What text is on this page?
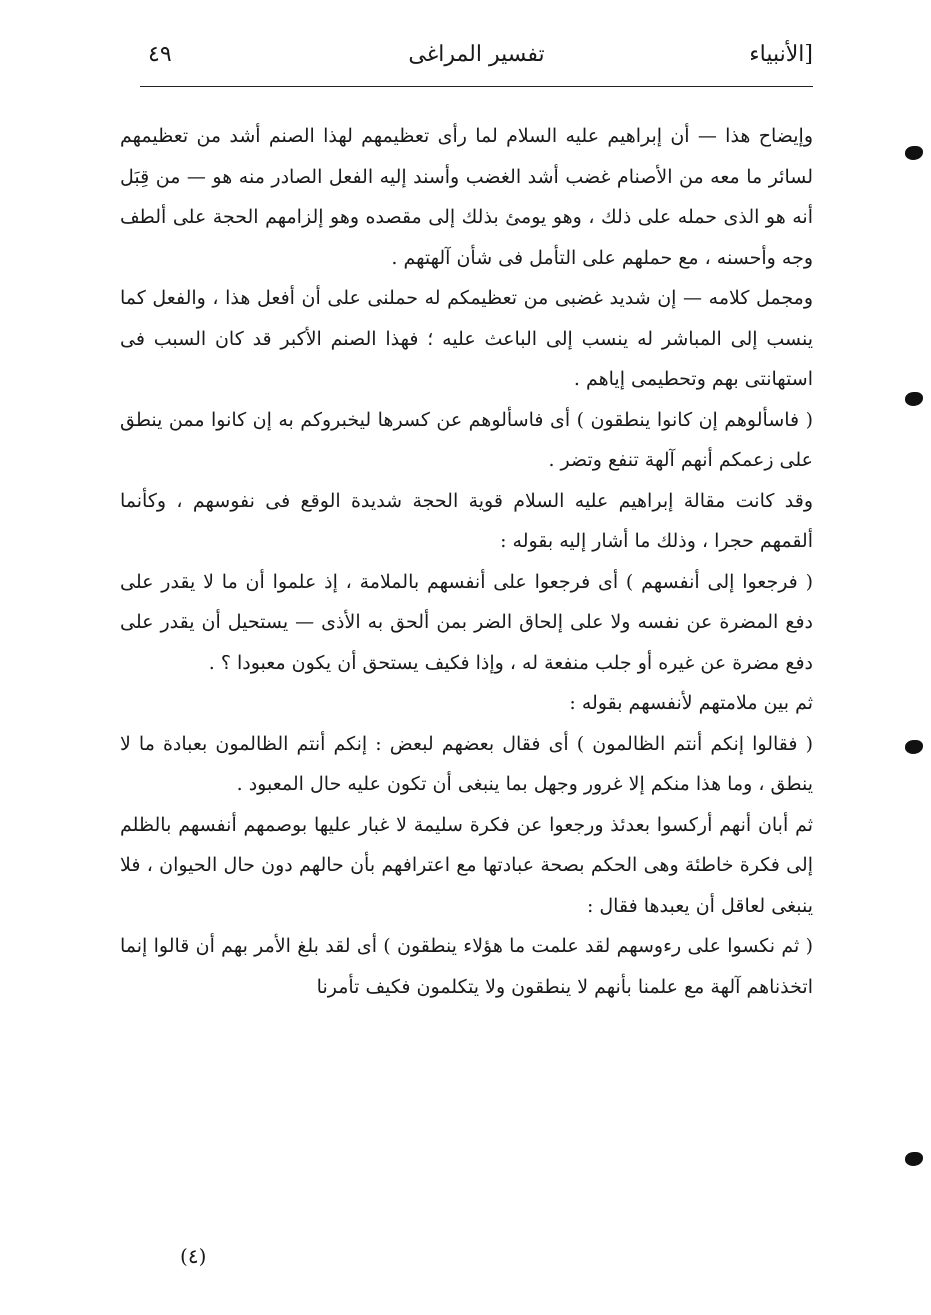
الأنبياء]
تفسير المراغى
٤٩

وإيضاح هذا — أن إبراهيم عليه السلام لما رأى تعظيمهم لهذا الصنم أشد من تعظيمهم لسائر ما معه من الأصنام غضب أشد الغضب وأسند إليه الفعل الصادر منه هو — من قِبَل أنه هو الذى حمله على ذلك ، وهو يومئ بذلك إلى مقصده وهو إلزامهم الحجة على ألطف وجه وأحسنه ، مع حملهم على التأمل فى شأن آلهتهم .

ومجمل كلامه — إن شديد غضبى من تعظيمكم له حملنى على أن أفعل هذا ، والفعل كما ينسب إلى المباشر له ينسب إلى الباعث عليه ؛ فهذا الصنم الأكبر قد كان السبب فى استهانتى بهم وتحطيمى إياهم .

( فاسألوهم إن كانوا ينطقون ) أى فاسألوهم عن كسرها ليخبروكم به إن كانوا ممن ينطق على زعمكم أنهم آلهة تنفع وتضر .

وقد كانت مقالة إبراهيم عليه السلام قوية الحجة شديدة الوقع فى نفوسهم ، وكأنما ألقمهم حجرا ، وذلك ما أشار إليه بقوله :

( فرجعوا إلى أنفسهم ) أى فرجعوا على أنفسهم بالملامة ، إذ علموا أن ما لا يقدر على دفع المضرة عن نفسه ولا على إلحاق الضر بمن ألحق به الأذى — يستحيل أن يقدر على دفع مضرة عن غيره أو جلب منفعة له ، وإذا فكيف يستحق أن يكون معبودا ؟ .

ثم بين ملامتهم لأنفسهم بقوله :

( فقالوا إنكم أنتم الظالمون ) أى فقال بعضهم لبعض : إنكم أنتم الظالمون بعبادة ما لا ينطق ، وما هذا منكم إلا غرور وجهل بما ينبغى أن تكون عليه حال المعبود .

ثم أبان أنهم أركسوا بعدئذ ورجعوا عن فكرة سليمة لا غبار عليها بوصمهم أنفسهم بالظلم إلى فكرة خاطئة وهى الحكم بصحة عبادتها مع اعترافهم بأن حالهم دون حال الحيوان ، فلا ينبغى لعاقل أن يعبدها فقال :

( ثم نكسوا على رءوسهم لقد علمت ما هؤلاء ينطقون ) أى لقد بلغ الأمر بهم أن قالوا إنما اتخذناهم آلهة مع علمنا بأنهم لا ينطقون ولا يتكلمون فكيف تأمرنا

(٤)
